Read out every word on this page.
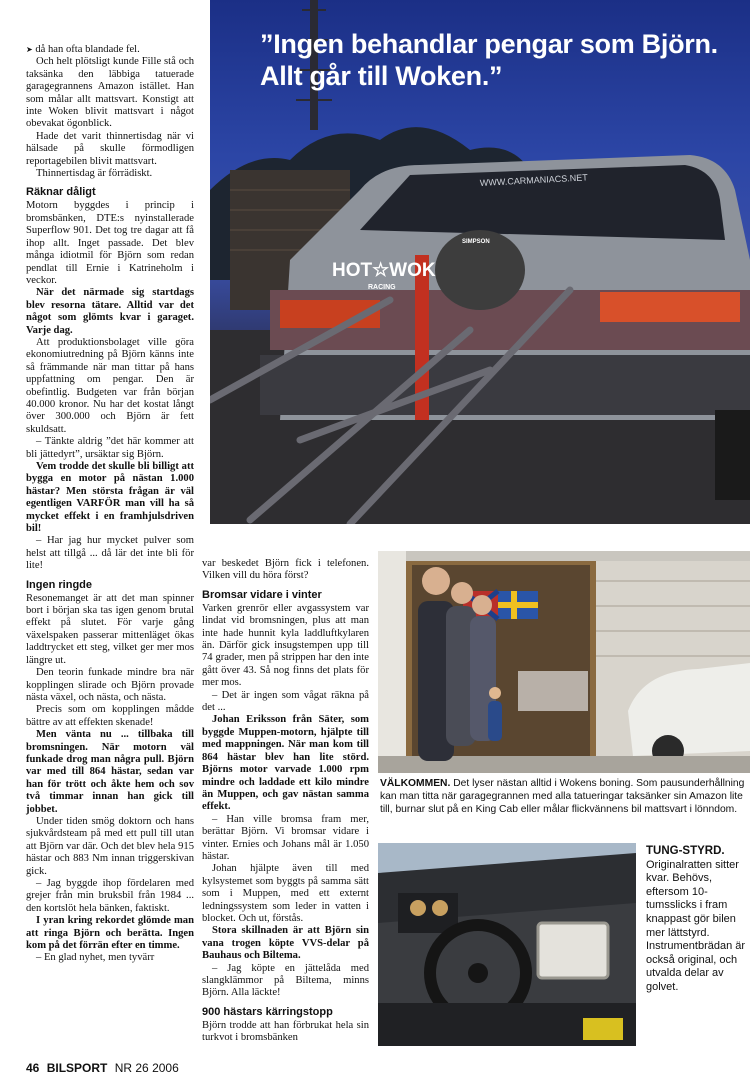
HOT☆WOK
RACING
WWW.CARMANIACS.NET
SIMPSON
”Ingen behandlar pengar som Björn. Allt går till Woken.”

➤ då han ofta blandade fel.

Och helt plötsligt kunde Fille stå och taksänka den läbbiga tatuerade garagegrannens Amazon istället. Han som målar allt mattsvart. Konstigt att inte Woken blivit mattsvart i något obevakat ögonblick.

Hade det varit thinnertisdag när vi hälsade på skulle förmodligen reportagebilen blivit mattsvart.

Thinnertisdag är förrädiskt.

Räknar dåligt

Motorn byggdes i princip i bromsbänken, DTE:s nyinstallerade Superflow 901. Det tog tre dagar att få ihop allt. Inget passade. Det blev många idiotmil för Björn som redan pendlat till Ernie i Katrineholm i veckor.

När det närmade sig startdags blev resorna tätare. Alltid var det något som glömts kvar i garaget. Varje dag.

Att produktionsbolaget ville göra ekonomiutredning på Björn känns inte så främmande när man tittar på hans uppfattning om pengar. Den är obefintlig. Budgeten var från början 40.000 kronor. Nu har det kostat långt över 300.000 och Björn är fett skuldsatt.

– Tänkte aldrig ”det här kommer att bli jättedyrt”, ursäktar sig Björn.

Vem trodde det skulle bli billigt att bygga en motor på nästan 1.000 hästar? Men största frågan är väl egentligen VARFÖR man vill ha så mycket effekt i en framhjulsdriven bil!

– Har jag hur mycket pulver som helst att tillgå ... då lär det inte bli för lite!

Ingen ringde

Resonemanget är att det man spinner bort i början ska tas igen genom brutal effekt på slutet. För varje gång växelspaken passerar mittenläget ökas laddtrycket ett steg, vilket ger mer mos längre ut.

Den teorin funkade mindre bra när kopplingen slirade och Björn provade nästa växel, och nästa, och nästa.

Precis som om kopplingen mådde bättre av att effekten skenade!

Men vänta nu ... tillbaka till bromsningen. När motorn väl funkade drog man några pull. Björn var med till 864 hästar, sedan var han för trött och åkte hem och sov två timmar innan han gick till jobbet.

Under tiden smög doktorn och hans sjukvårdsteam på med ett pull till utan att Björn var där. Och det blev hela 915 hästar och 883 Nm innan triggerskivan gick.

– Jag byggde ihop fördelaren med grejer från min bruksbil från 1984 ... den kortslöt hela bänken, faktiskt.

I yran kring rekordet glömde man att ringa Björn och berätta. Ingen kom på det förrän efter en timme.

– En glad nyhet, men tyvärr

var beskedet Björn fick i telefonen. Vilken vill du höra först?

Bromsar vidare i vinter

Varken grenrör eller avgassystem var lindat vid bromsningen, plus att man inte hade hunnit kyla laddluftkylaren än. Därför gick insugstempen upp till 74 grader, men på strippen har den inte gått över 43. Så nog finns det plats för mer mos.

– Det är ingen som vågat räkna på det ...

Johan Eriksson från Säter, som byggde Muppen-motorn, hjälpte till med mappningen. När man kom till 864 hästar blev han lite störd. Björns motor varvade 1.000 rpm mindre och laddade ett kilo mindre än Muppen, och gav nästan samma effekt.

– Han ville bromsa fram mer, berättar Björn. Vi bromsar vidare i vinter. Ernies och Johans mål är 1.050 hästar.

Johan hjälpte även till med kylsystemet som byggts på samma sätt som i Muppen, med ett externt ledningssystem som leder in vatten i blocket. Och ut, förstås.

Stora skillnaden är att Björn sin vana trogen köpte VVS-delar på Bauhaus och Biltema.

– Jag köpte en jättelåda med slangklämmor på Biltema, minns Björn. Alla läckte!

900 hästars kärringstopp

Björn trodde att han förbrukat hela sin turkvot i bromsbänken

VÄLKOMMEN. Det lyser nästan alltid i Wokens boning. Som pausunderhållning kan man titta när garagegrannen med alla tatueringar taksänker sin Amazon lite till, burnar slut på en King Cab eller målar flickvännens bil mattsvart i lönndom.
TUNG-STYRD.
Originalratten sitter kvar. Behövs, eftersom 10-tumsslicks i fram knappast gör bilen mer lättstyrd. Instrumentbrädan är också original, och utvalda delar av golvet.
46 BILSPORT NR 26 2006
